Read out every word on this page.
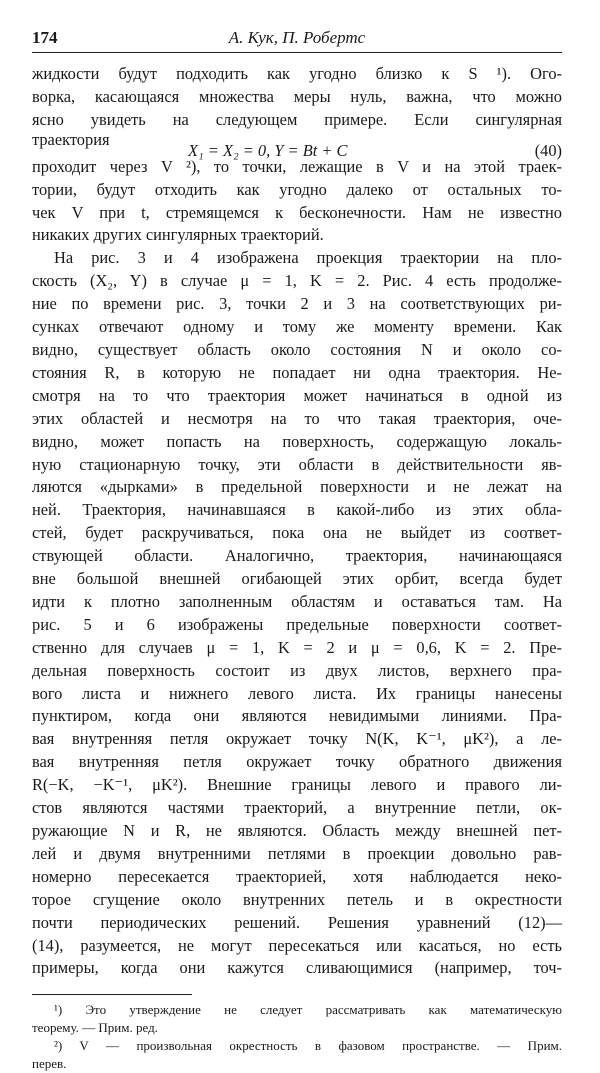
174	А. Кук, П. Робертс
жидкости будут подходить как угодно близко к S ¹). Ого-
ворка, касающаяся множества меры нуль, важна, что можно
ясно увидеть на следующем примере. Если сингулярная
траектория
X₁ = X₂ = 0, Y = Bt + C	(40)
проходит через V ²), то точки, лежащие в V и на этой траек-
тории, будут отходить как угодно далеко от остальных то-
чек V при t, стремящемся к бесконечности. Нам не известно
никаких других сингулярных траекторий.
На рис. 3 и 4 изображена проекция траектории на пло-
скость (X₂, Y) в случае μ = 1, K = 2. Рис. 4 есть продолже-
ние по времени рис. 3, точки 2 и 3 на соответствующих ри-
сунках отвечают одному и тому же моменту времени. Как
видно, существует область около состояния N и около со-
стояния R, в которую не попадает ни одна траектория. Не-
смотря на то что траектория может начинаться в одной из
этих областей и несмотря на то что такая траектория, оче-
видно, может попасть на поверхность, содержащую локаль-
ную стационарную точку, эти области в действительности яв-
ляются «дырками» в предельной поверхности и не лежат на
ней. Траектория, начинавшаяся в какой-либо из этих обла-
стей, будет раскручиваться, пока она не выйдет из соответ-
ствующей области. Аналогично, траектория, начинающаяся
вне большой внешней огибающей этих орбит, всегда будет
идти к плотно заполненным областям и оставаться там. На
рис. 5 и 6 изображены предельные поверхности соответ-
ственно для случаев μ = 1, K = 2 и μ = 0,6, K = 2. Пре-
дельная поверхность состоит из двух листов, верхнего пра-
вого листа и нижнего левого листа. Их границы нанесены
пунктиром, когда они являются невидимыми линиями. Пра-
вая внутренняя петля окружает точку N(K, K⁻¹, μK²), а ле-
вая внутренняя петля окружает точку обратного движения
R(−K, −K⁻¹, μK²). Внешние границы левого и правого ли-
стов являются частями траекторий, а внутренние петли, ок-
ружающие N и R, не являются. Область между внешней пет-
лей и двумя внутренними петлями в проекции довольно рав-
номерно пересекается траекторией, хотя наблюдается неко-
торое сгущение около внутренних петель и в окрестности
почти периодических решений. Решения уравнений (12)—
(14), разумеется, не могут пересекаться или касаться, но есть
примеры, когда они кажутся сливающимися (например, точ-
¹) Это утверждение не следует рассматривать как математическую
теорему. — Прим. ред.
²) V — произвольная окрестность в фазовом пространстве. — Прим.
перев.
